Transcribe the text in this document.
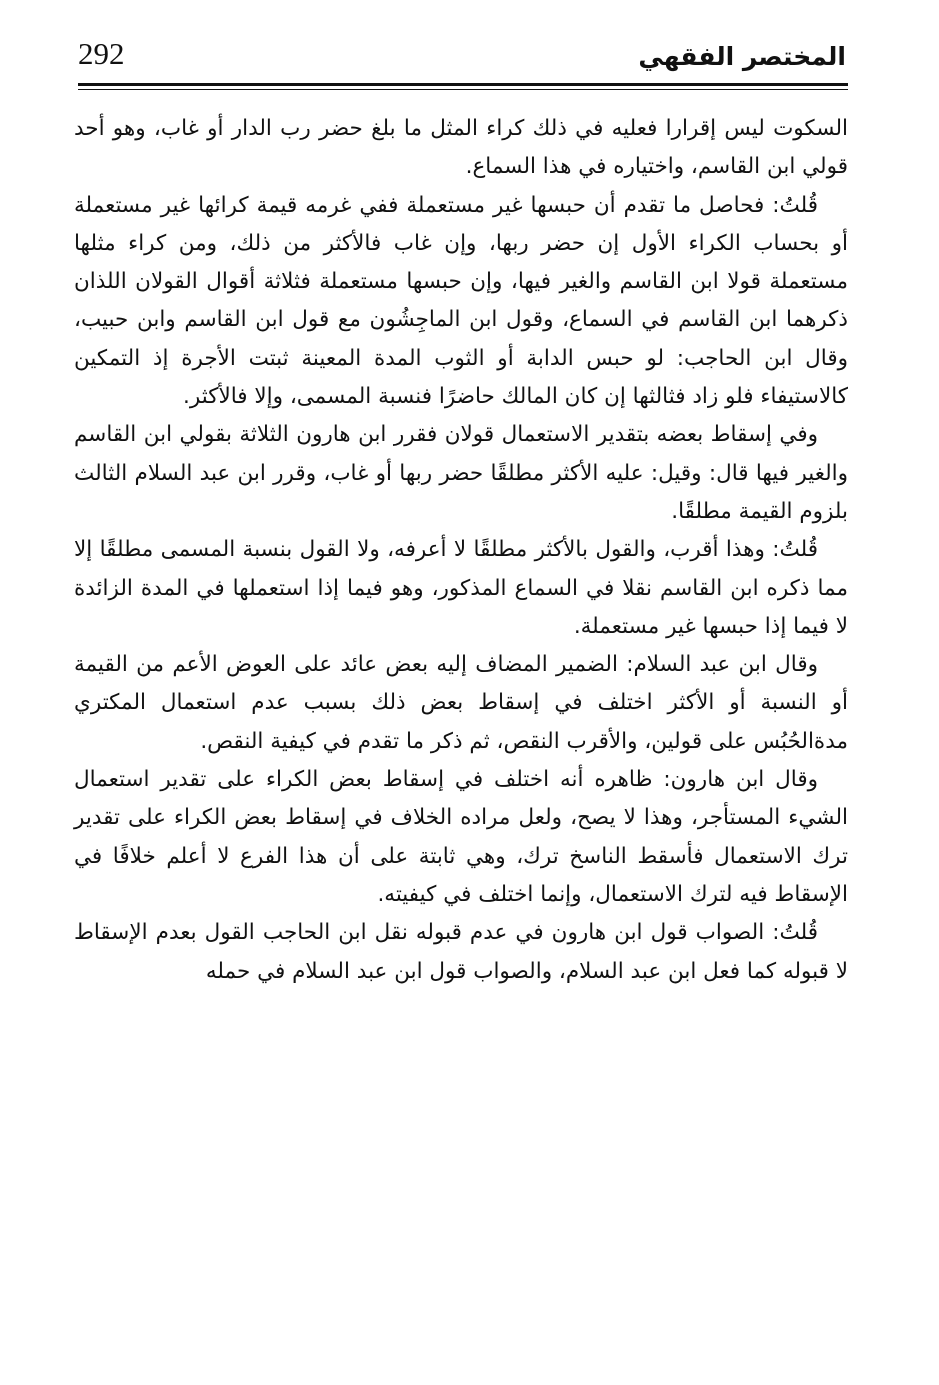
292	المختصر الفقهي

السكوت ليس إقرارا فعليه في ذلك كراء المثل ما بلغ حضر رب الدار أو غاب، وهو أحد قولي ابن القاسم، واختياره في هذا السماع.

قُلتُ: فحاصل ما تقدم أن حبسها غير مستعملة ففي غرمه قيمة كرائها غير مستعملة أو بحساب الكراء الأول إن حضر ربها، وإن غاب فالأكثر من ذلك، ومن كراء مثلها مستعملة قولا ابن القاسم والغير فيها، وإن حبسها مستعملة فثلاثة أقوال القولان اللذان ذكرهما ابن القاسم في السماع، وقول ابن الماجِشُون مع قول ابن القاسم وابن حبيب، وقال ابن الحاجب: لو حبس الدابة أو الثوب المدة المعينة ثبتت الأجرة إذ التمكين كالاستيفاء فلو زاد فثالثها إن كان المالك حاضرًا فنسبة المسمى، وإلا فالأكثر.

وفي إسقاط بعضه بتقدير الاستعمال قولان فقرر ابن هارون الثلاثة بقولي ابن القاسم والغير فيها قال: وقيل: عليه الأكثر مطلقًا حضر ربها أو غاب، وقرر ابن عبد السلام الثالث بلزوم القيمة مطلقًا.

قُلتُ: وهذا أقرب، والقول بالأكثر مطلقًا لا أعرفه، ولا القول بنسبة المسمى مطلقًا إلا مما ذكره ابن القاسم نقلا في السماع المذكور، وهو فيما إذا استعملها في المدة الزائدة لا فيما إذا حبسها غير مستعملة.

وقال ابن عبد السلام: الضمير المضاف إليه بعض عائد على العوض الأعم من القيمة أو النسبة أو الأكثر اختلف في إسقاط بعض ذلك بسبب عدم استعمال المكتري مدةالحُبُس على قولين، والأقرب النقص، ثم ذكر ما تقدم في كيفية النقص.

وقال ابن هارون: ظاهره أنه اختلف في إسقاط بعض الكراء على تقدير استعمال الشيء المستأجر، وهذا لا يصح، ولعل مراده الخلاف في إسقاط بعض الكراء على تقدير ترك الاستعمال فأسقط الناسخ ترك، وهي ثابتة على أن هذا الفرع لا أعلم خلافًا في الإسقاط فيه لترك الاستعمال، وإنما اختلف في كيفيته.

قُلتُ: الصواب قول ابن هارون في عدم قبوله نقل ابن الحاجب القول بعدم الإسقاط لا قبوله كما فعل ابن عبد السلام، والصواب قول ابن عبد السلام في حمله
